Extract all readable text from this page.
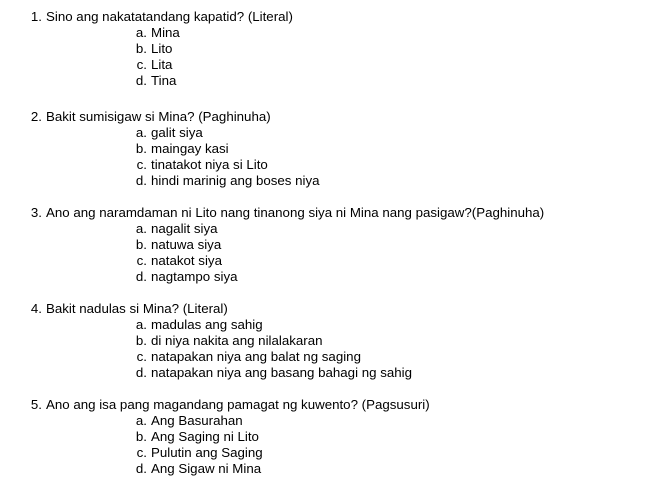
1. Sino ang nakatatandang kapatid? (Literal)
a. Mina
b. Lito
c. Lita
d. Tina
2. Bakit sumisigaw si Mina? (Paghinuha)
a. galit siya
b. maingay kasi
c. tinatakot niya si Lito
d. hindi marinig ang boses niya
3. Ano ang naramdaman ni Lito nang tinanong siya ni Mina nang pasigaw?(Paghinuha)
a. nagalit siya
b. natuwa siya
c. natakot siya
d. nagtampo siya
4. Bakit nadulas si Mina? (Literal)
a. madulas ang sahig
b. di niya nakita ang nilalakaran
c. natapakan niya ang balat ng saging
d. natapakan niya ang basang bahagi ng sahig
5. Ano ang isa pang magandang pamagat ng kuwento? (Pagsusuri)
a. Ang Basurahan
b. Ang Saging ni Lito
c. Pulutin ang Saging
d. Ang Sigaw ni Mina
